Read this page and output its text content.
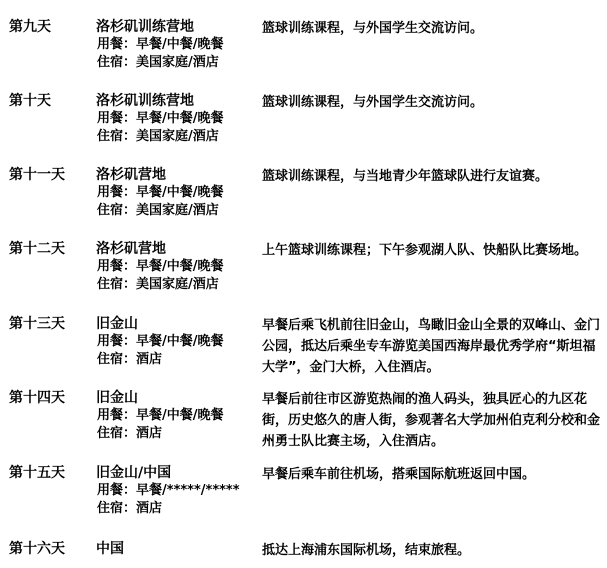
第九天	洛杉矶训练营地
用餐 ： 早餐/中餐/晚餐
住宿 ： 美国家庭/酒店
篮球训练课程，与外国学生交流访问。
第十天	洛杉矶训练营地
用餐 ： 早餐/中餐/晚餐
住宿 ： 美国家庭/酒店
篮球训练课程，与外国学生交流访问。
第十一天 洛杉矶营地
用餐 ： 早餐/中餐/晚餐
住宿 ： 美国家庭/酒店
篮球训练课程，与当地青少年篮球队进行友谊赛。
第十二天 洛杉矶营地
用餐 ： 早餐/中餐/晚餐
住宿 ： 美国家庭/酒店
上午篮球训练课程；下午参观湖人队、快船队比赛场地。
第十三天 旧金山
用餐 ： 早餐/中餐/晚餐
住宿 ： 酒店
早餐后乘飞机前往旧金山，鸟瞰旧金山全景的双峰山、金门公园，抵达后乘坐专车游览美国西海岸最优秀学府“斯坦福大学”，金门大桥，入住酒店。
第十四天 旧金山
用餐 ： 早餐/中餐/晚餐
住宿 ： 酒店
早餐后前往市区游览热闹的渔人码头，独具匠心的九区花街，历史悠久的唐人街，参观著名大学加州伯克利分校和金州勇士队比赛主场，入住酒店。
第十五天 旧金山/中国
用餐 ： 早餐/*****/*****
住宿 ： 酒店
早餐后乘车前往机场，搭乘国际航班返回中国。
第十六天 中国	抵达上海浦东国际机场，结束旅程。
